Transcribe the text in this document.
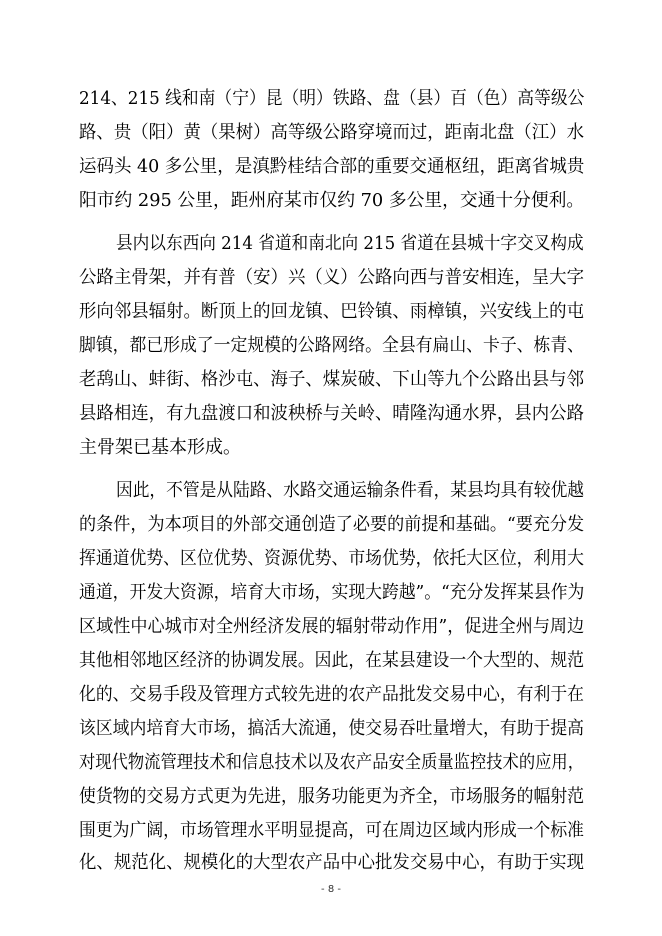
214、215 线和南（宁）昆（明）铁路、盘（县）百（色）高等级公
路、贵（阳）黄（果树）高等级公路穿境而过，距南北盘（江）水
运码头 40 多公里，是滇黔桂结合部的重要交通枢纽，距离省城贵
阳市约 295 公里，距州府某市仅约 70 多公里，交通十分便利。
县内以东西向 214 省道和南北向 215 省道在县城十字交叉构成
公路主骨架，并有普（安）兴（义）公路向西与普安相连，呈大字
形向邻县辐射。断顶上的回龙镇、巴铃镇、雨樟镇，兴安线上的屯
脚镇，都已形成了一定规模的公路网络。全县有扁山、卡子、栋青、
老鸹山、蚌街、格沙屯、海子、煤炭破、下山等九个公路出县与邻
县路相连，有九盘渡口和波秧桥与关岭、晴隆沟通水界，县内公路
主骨架已基本形成。
因此，不管是从陆路、水路交通运输条件看，某县均具有较优越
的条件，为本项目的外部交通创造了必要的前提和基础。“要充分发
挥通道优势、区位优势、资源优势、市场优势，依托大区位，利用大
通道，开发大资源，培育大市场，实现大跨越”。“充分发挥某县作为
区域性中心城市对全州经济发展的辐射带动作用”，促进全州与周边
其他相邻地区经济的协调发展。因此，在某县建设一个大型的、规范
化的、交易手段及管理方式较先进的农产品批发交易中心，有利于在
该区域内培育大市场，搞活大流通，使交易吞吐量增大，有助于提高
对现代物流管理技术和信息技术以及农产品安全质量监控技术的应用，
使货物的交易方式更为先进，服务功能更为齐全，市场服务的幅射范
围更为广阔，市场管理水平明显提高，可在周边区域内形成一个标准
化、规范化、规模化的大型农产品中心批发交易中心，有助于实现
- 8 -
